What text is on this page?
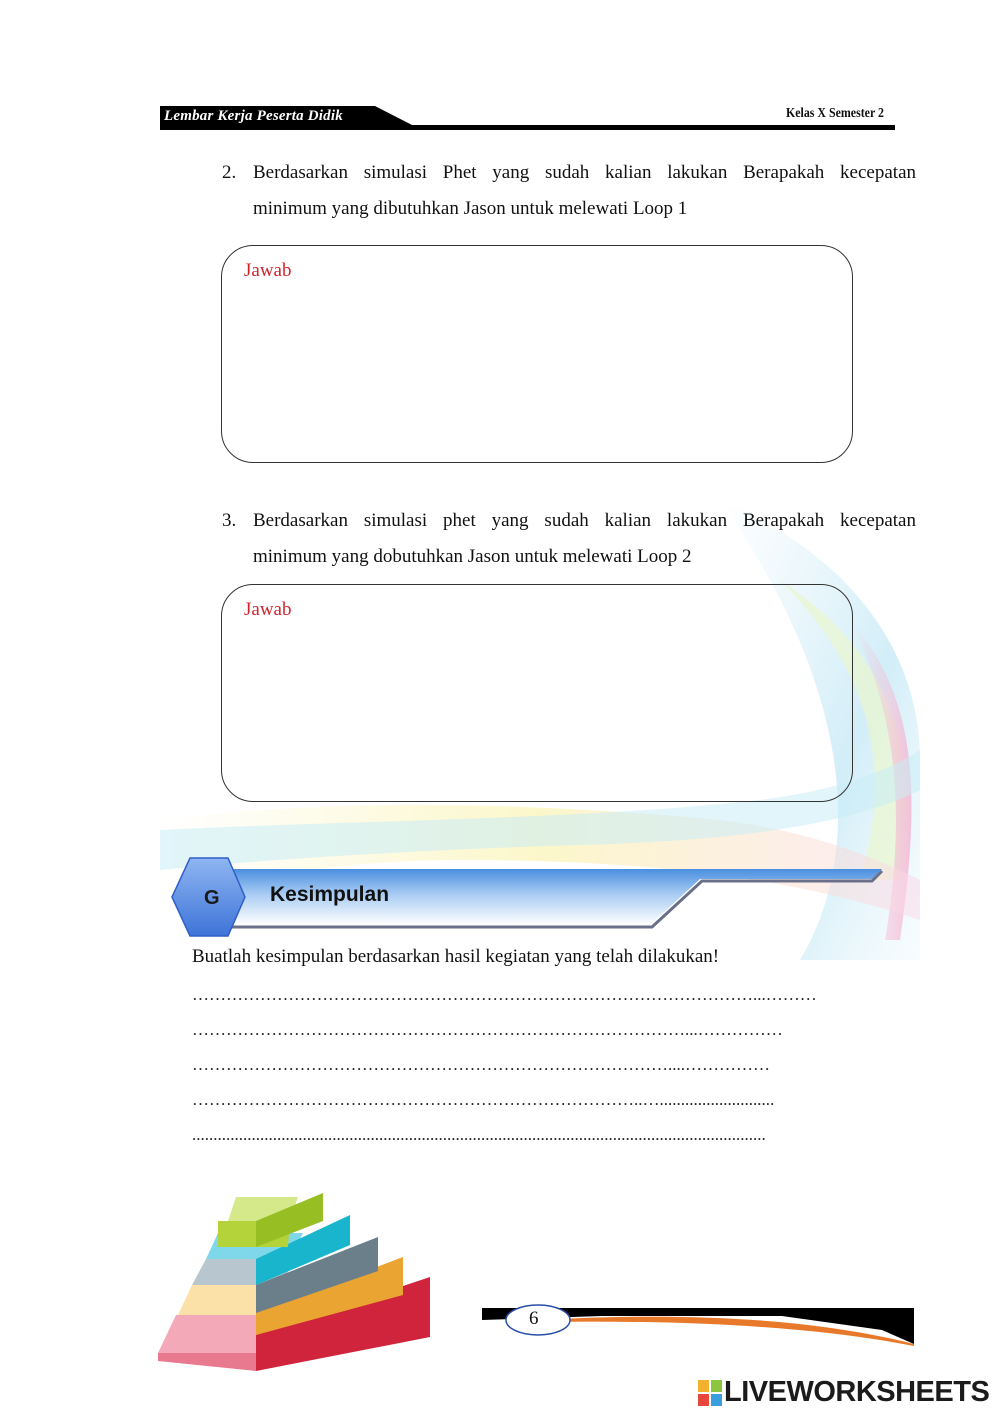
Lembar Kerja Peserta Didik	Kelas X Semester 2
2. Berdasarkan simulasi Phet yang sudah kalian lakukan Berapakah kecepatan
minimum yang dibutuhkan Jason untuk melewati Loop 1
Jawab
3. Berdasarkan simulasi phet yang sudah kalian lakukan Berapakah kecepatan
minimum yang dobutuhkan Jason untuk melewati Loop 2
Jawab
G Kesimpulan
Buatlah kesimpulan berdasarkan hasil kegiatan yang telah dilakukan!
………………………………………………………………………………………...………
……………………………………………………………………………...……………
…………………………………………………………………………....……………
……………………………………………………………………..…...........................
.......................................................................................................................................
6
LIVEWORKSHEETS
